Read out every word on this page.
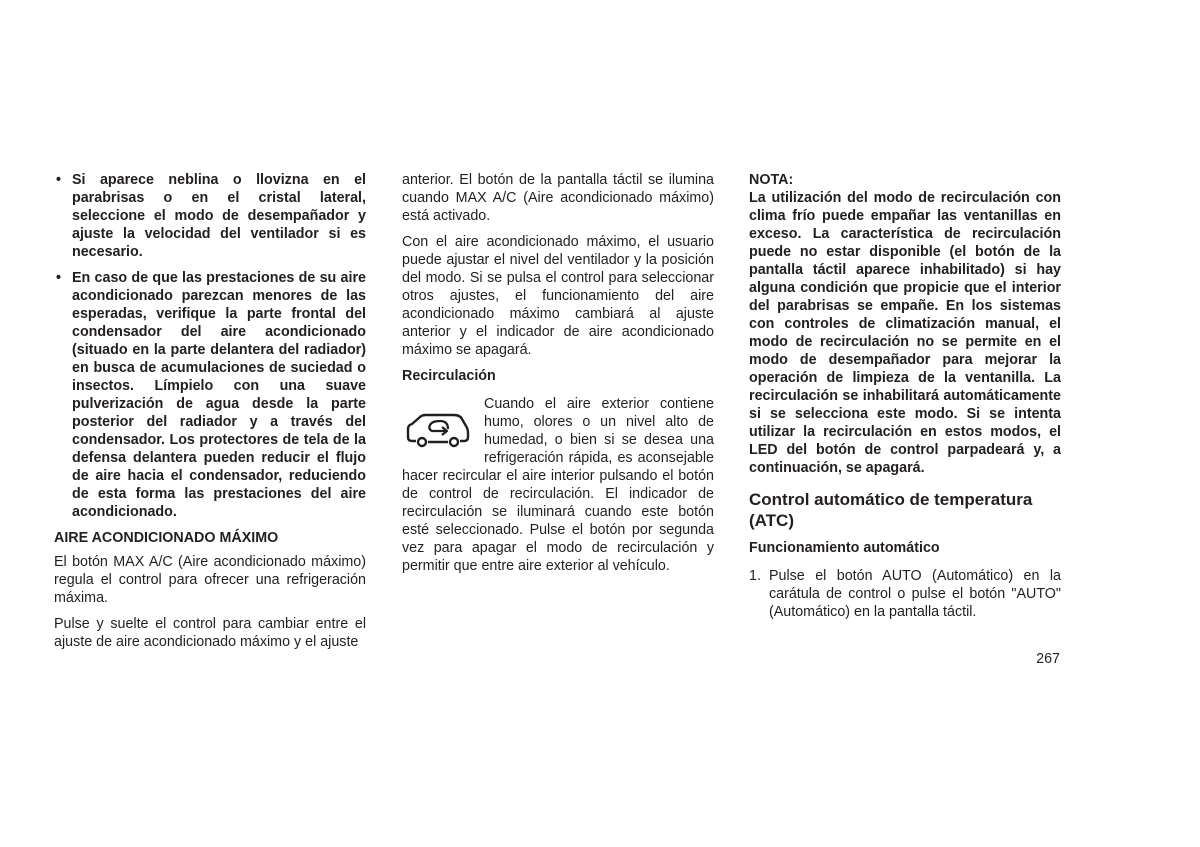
• Si aparece neblina o llovizna en el parabrisas o en el cristal lateral, seleccione el modo de desempañador y ajuste la velocidad del ventilador si es necesario.
• En caso de que las prestaciones de su aire acondicionado parezcan menores de las esperadas, verifique la parte frontal del condensador del aire acondicionado (situado en la parte delantera del radiador) en busca de acumulaciones de suciedad o insectos. Límpielo con una suave pulverización de agua desde la parte posterior del radiador y a través del condensador. Los protectores de tela de la defensa delantera pueden reducir el flujo de aire hacia el condensador, reduciendo de esta forma las prestaciones del aire acondicionado.
AIRE ACONDICIONADO MÁXIMO

El botón MAX A/C (Aire acondicionado máximo) regula el control para ofrecer una refrigeración máxima.

Pulse y suelte el control para cambiar entre el ajuste de aire acondicionado máximo y el ajuste

anterior. El botón de la pantalla táctil se ilumina cuando MAX A/C (Aire acondicionado máximo) está activado.

Con el aire acondicionado máximo, el usuario puede ajustar el nivel del ventilador y la posición del modo. Si se pulsa el control para seleccionar otros ajustes, el funcionamiento del aire acondicionado máximo cambiará al ajuste anterior y el indicador de aire acondicionado máximo se apagará.

Recirculación
Cuando el aire exterior contiene humo, olores o un nivel alto de humedad, o bien si se desea una refrigeración rápida, es aconsejable hacer recircular el aire interior pulsando el botón de control de recirculación. El indicador de recirculación se iluminará cuando este botón esté seleccionado. Pulse el botón por segunda vez para apagar el modo de recirculación y permitir que entre aire exterior al vehículo.
NOTA:

La utilización del modo de recirculación con clima frío puede empañar las ventanillas en exceso. La característica de recirculación puede no estar disponible (el botón de la pantalla táctil aparece inhabilitado) si hay alguna condición que propicie que el interior del parabrisas se empañe. En los sistemas con controles de climatización manual, el modo de recirculación no se permite en el modo de desempañador para mejorar la operación de limpieza de la ventanilla. La recirculación se inhabilitará automáticamente si se selecciona este modo. Si se intenta utilizar la recirculación en estos modos, el LED del botón de control parpadeará y, a continuación, se apagará.

Control automático de temperatura (ATC)
Funcionamiento automático
1. Pulse el botón AUTO (Automático) en la carátula de control o pulse el botón "AUTO" (Automático) en la pantalla táctil.
267
